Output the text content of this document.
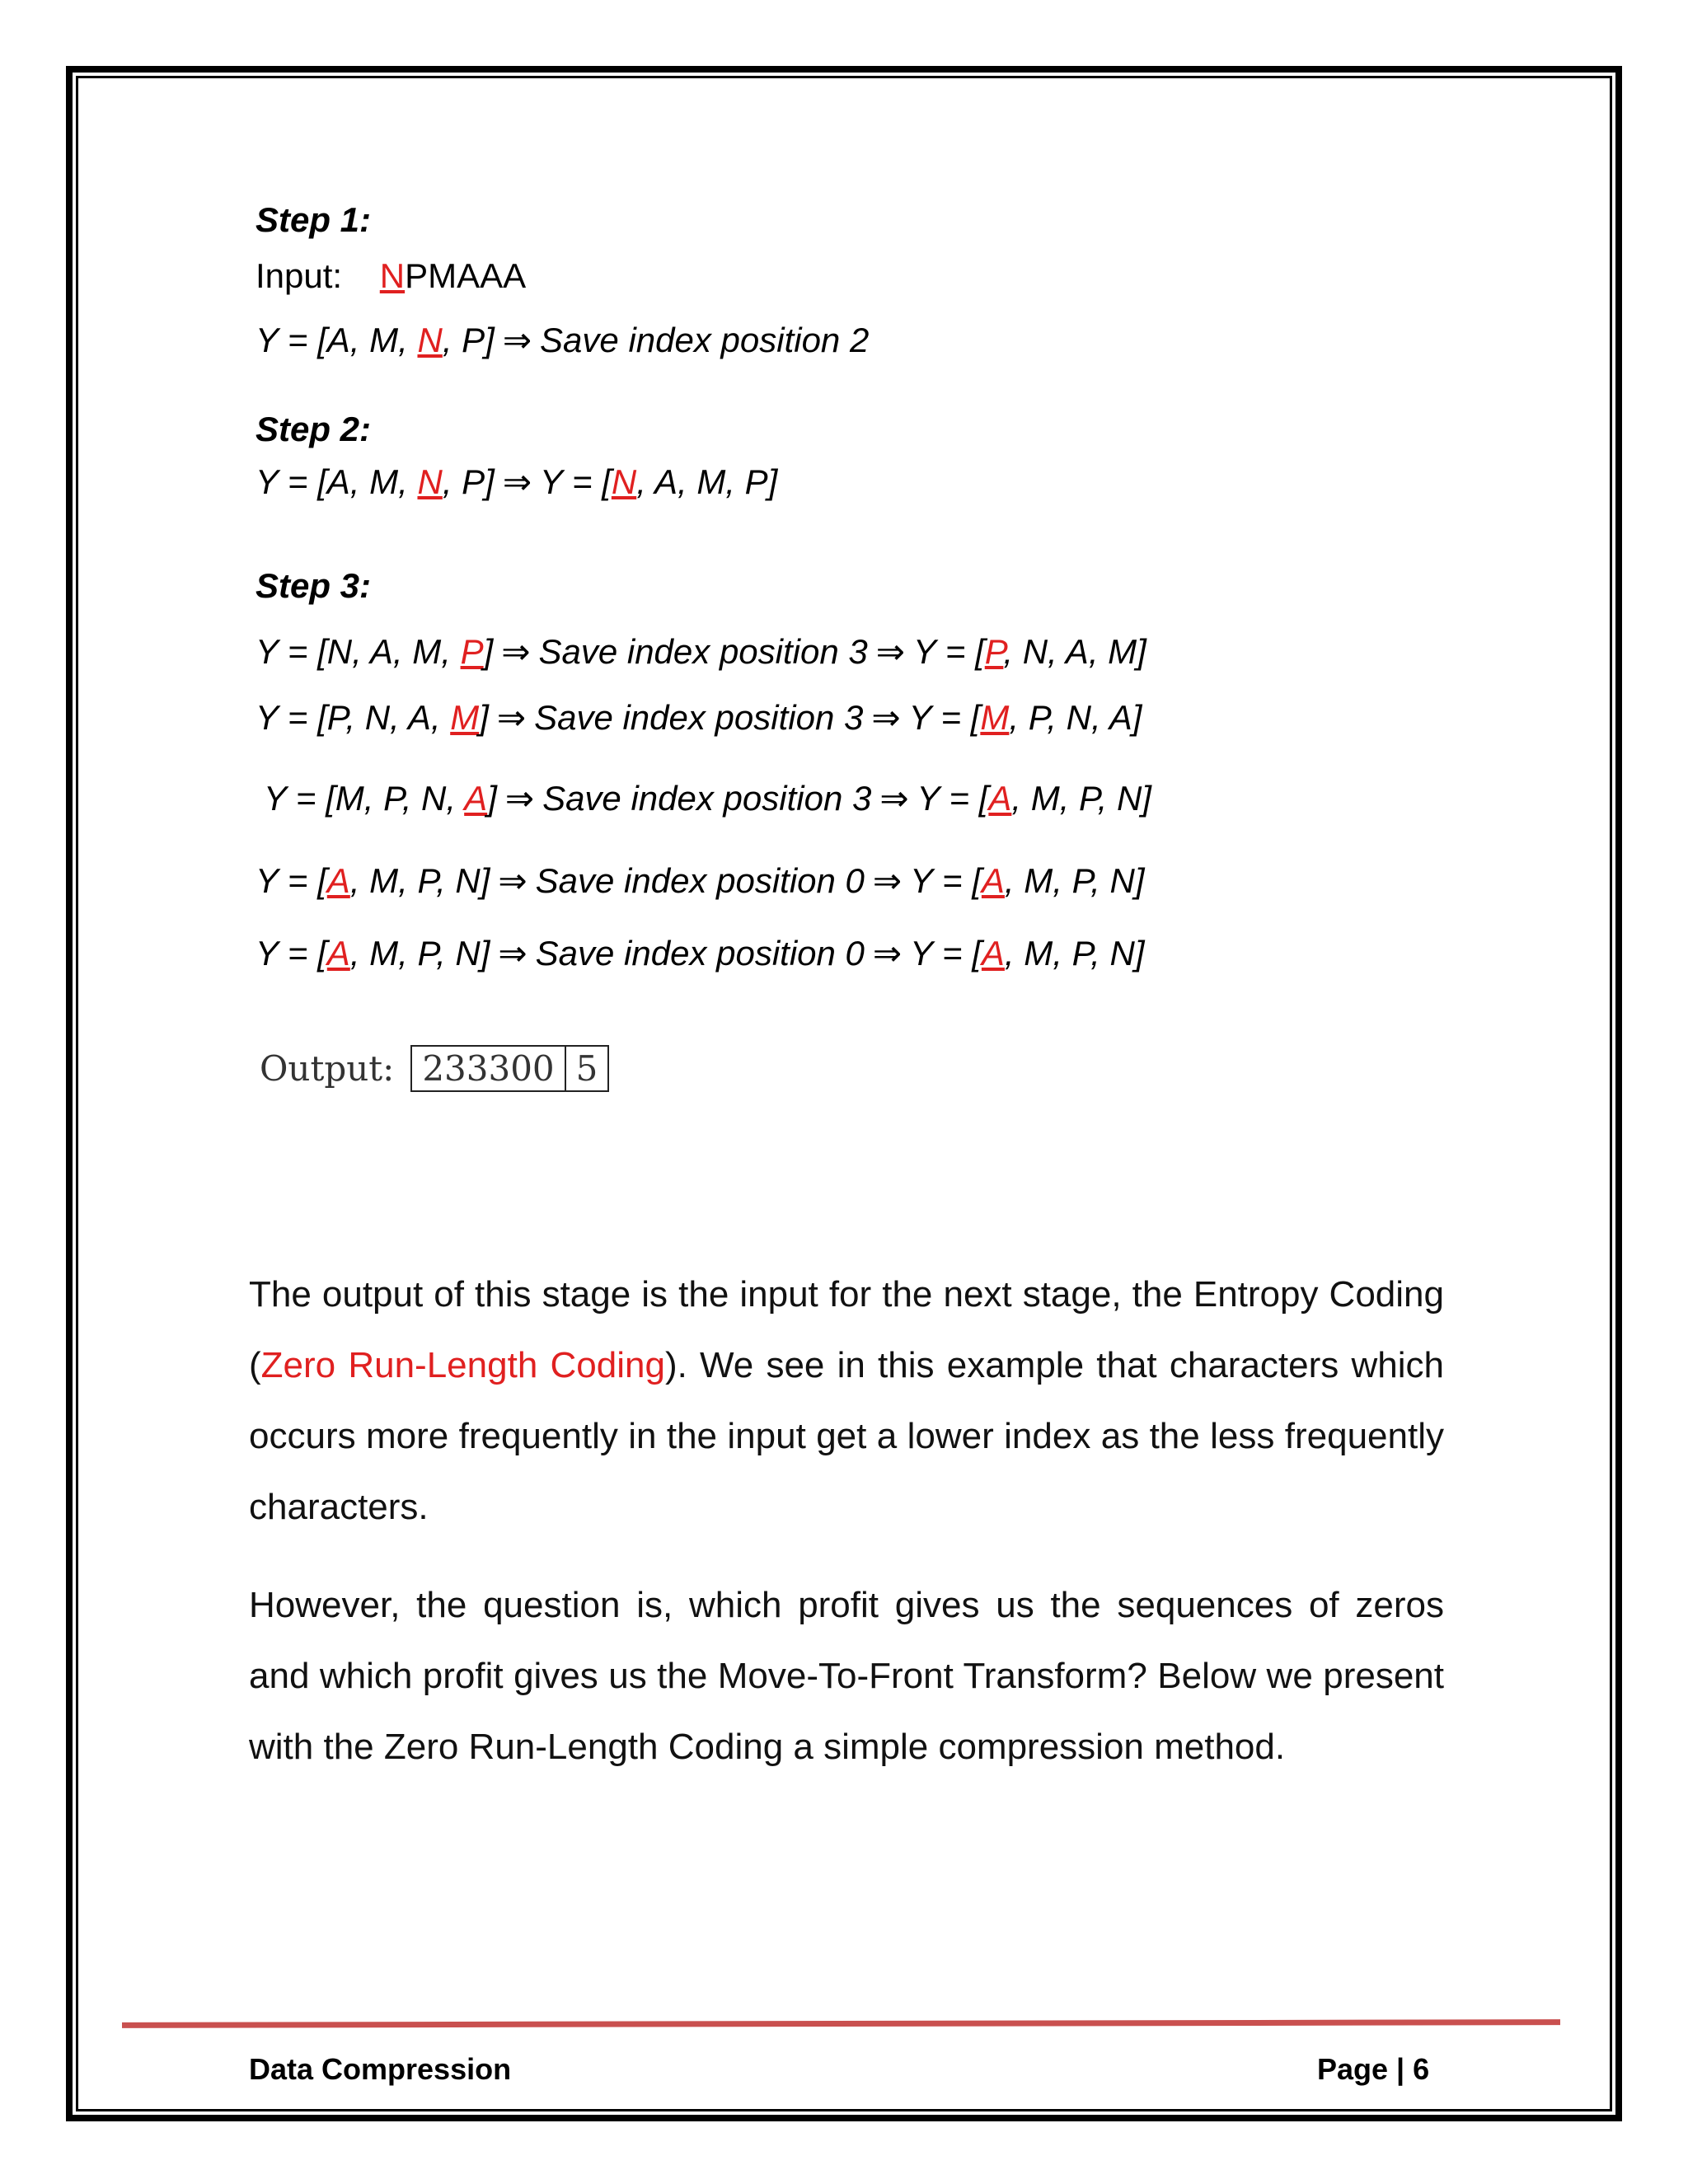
Step 1:
Input: NPMAAA
Y = [A, M, N, P] ⇒ Save index position 2
Step 2:
Y = [A, M, N, P] ⇒ Y = [N, A, M, P]
Step 3:
Y = [N, A, M, P] ⇒ Save index position 3 ⇒ Y = [P, N, A, M]
Y = [P, N, A, M] ⇒ Save index position 3 ⇒ Y = [M, P, N, A]
Y = [M, P, N, A] ⇒ Save index position 3 ⇒ Y = [A, M, P, N]
Y = [A, M, P, N] ⇒ Save index position 0 ⇒ Y = [A, M, P, N]
Y = [A, M, P, N] ⇒ Save index position 0 ⇒ Y = [A, M, P, N]
Output: 233300 5
The output of this stage is the input for the next stage, the Entropy Coding (Zero Run-Length Coding). We see in this example that characters which occurs more frequently in the input get a lower index as the less frequently characters.
However, the question is, which profit gives us the sequences of zeros and which profit gives us the Move-To-Front Transform? Below we present with the Zero Run-Length Coding a simple compression method.
Data Compression	Page | 6
